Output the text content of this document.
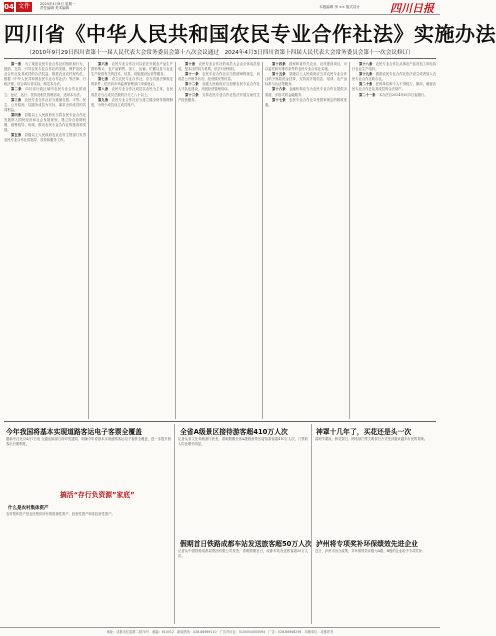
04 文件	2024年4月8日 星期一
责任编辑 美术编辑	本版编辑 李 ×× 版式设计	四川日报
四川省《中华人民共和国农民专业合作社法》实施办法
（2010年9月29日四川省第十一届人民代表大会常务委员会第十八次会议通过　2024年4月3日四川省第十四届人民代表大会常务委员会第十一次会议修订）

第一条　为了规范农民专业合作社的组织和行为，鼓励、支持、引导农民专业合作社的发展，保护农民专业合作社及其成员的合法权益，推进农业农村现代化，根据《中华人民共和国农民专业合作社法》等法律、行政法规，结合四川省实际，制定本办法。

第二条　四川省行政区域内农民专业合作社的设立、登记、运行、扶持及相关管理活动，适用本办法。

第三条　农民专业合作社应当遵循自愿、平等、民主、公开原则，以服务成员为宗旨，谋求全体成员的共同利益。

第四条　县级以上人民政府应当将农民专业合作社发展纳入国民经济和社会发展规划，建立综合协调机制，统筹指导、协调、推动农民专业合作社的建设和发展。

第五条　县级以上人民政府农业农村主管部门负责农民专业合作社的指导、扶持和服务工作。

第六条　农民专业合作社可以依法开展农产品生产资料购买、农产品销售、加工、运输、贮藏以及与农业生产经营有关的技术、信息、设施建设运营等服务。

第七条　设立农民专业合作社，应当具备法律规定的条件，依法向市场监督管理部门申请登记。

第八条　农民专业合作社成员以农民为主体，农民成员应当占成员总数的百分之八十以上。

第九条　农民专业合作社应当建立健全财务管理制度，为每个成员设立成员账户。

第十条　农民专业合作社的成员大会由全体成员组成，是本社的权力机构，依法行使职权。

第十一条　农民专业合作社应当按照章程规定，向成员公开财务状况、经营情况等信息。

第十二条　各级人民政府应当加强农民专业合作社人才队伍建设，开展经营管理培训。

第十三条　支持农民专业合作社依法开展互助性生产经营服务。

第十四条　国家和省有关农业、农村建设项目，可以委托和安排有条件的农民专业合作社实施。

第十五条　县级以上人民政府应当对农民专业合作社给予财政资金扶持，支持其开展信息、培训、农产品标准与认证等服务。

第十六条　金融机构应当为农民专业合作社提供多渠道、多形式的金融服务。

第十七条　农民专业合作社享受国家规定的税收优惠。

第十八条　农民专业合作社从事农产品初加工用电执行农业生产电价。

第十九条　鼓励农民专业合作社依法设立或者加入农民专业合作社联合社。

第二十条　任何单位和个人不得侵占、挪用、截留农民专业合作社及其成员的合法财产。

第二十一条　本办法自2024年6月1日起施行。

今年我国将基本实现道路客运电子客票全覆盖
据新华社北京4月7日电 交通运输部日前印发通知，明确今年将基本实现道路客运电子客票全覆盖，进一步提升旅客出行便利度。
搞活“存行负资源”家底”
什么是农村集体资产
农村集体资产是农民集体所有的资源性资产、经营性资产和非经营性资产。
全省A级景区接待游客超410万人次
记者从省文化和旅游厅获悉，清明假期全省A级旅游景区接待游客超410万人次，门票收入同比增长明显。
假期首日铁路成都车站发送旅客超50万人次
记者从中国铁路成都局集团有限公司获悉，清明假期首日，成都车站发送旅客超50万人次。
神罩十几年了，买花还是头一次
清明节期间，鲜花祭扫、网络祭扫等文明祭扫方式受到越来越多市民的青睐。
泸州将专项奖补环保绩效先进企业
近日，泸州市出台政策，对环保绩效评级为A级、B级的企业给予专项奖补。
地址：成都市红星路二段70号　邮编：610012　新闻热线：028-86969110　广告许可证：5100004000094　广告：028-86968296　印刷单位：成都印务
